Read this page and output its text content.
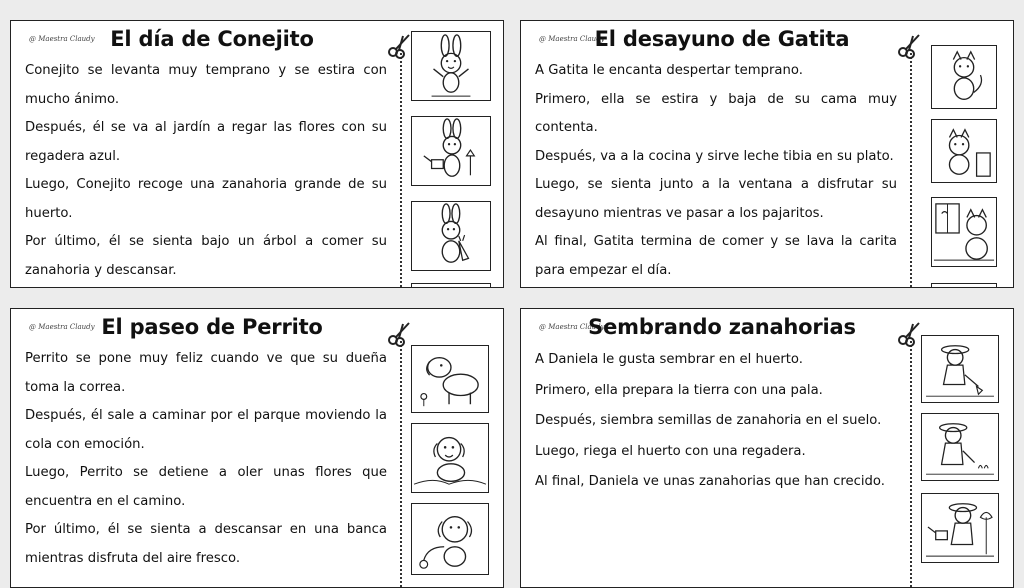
@ Maestra Claudy El día de Conejito

Conejito se levanta muy temprano y se estira con mucho ánimo.

Después, él se va al jardín a regar las flores con su regadera azul.

Luego, Conejito recoge una zanahoria grande de su huerto.

Por último, él se sienta bajo un árbol a comer su zanahoria y descansar.

@ Maestra Claudy
El desayuno de Gatita

A Gatita le encanta despertar temprano.

Primero, ella se estira y baja de su cama muy contenta.

Después, va a la cocina y sirve leche tibia en su plato.

Luego, se sienta junto a la ventana a disfrutar su desayuno mientras ve pasar a los pajaritos.

Al final, Gatita termina de comer y se lava la carita para empezar el día.

@ Maestra Claudy El paseo de Perrito

Perrito se pone muy feliz cuando ve que su dueña toma la correa.

Después, él sale a caminar por el parque moviendo la cola con emoción.

Luego, Perrito se detiene a oler unas flores que encuentra en el camino.

Por último, él se sienta a descansar en una banca mientras disfruta del aire fresco.

@ Maestra Claudy
Sembrando zanahorias

A Daniela le gusta sembrar en el huerto.

Primero, ella prepara la tierra con una pala.

Después, siembra semillas de zanahoria en el suelo.

Luego, riega el huerto con una regadera.

Al final, Daniela ve unas zanahorias que han crecido.
